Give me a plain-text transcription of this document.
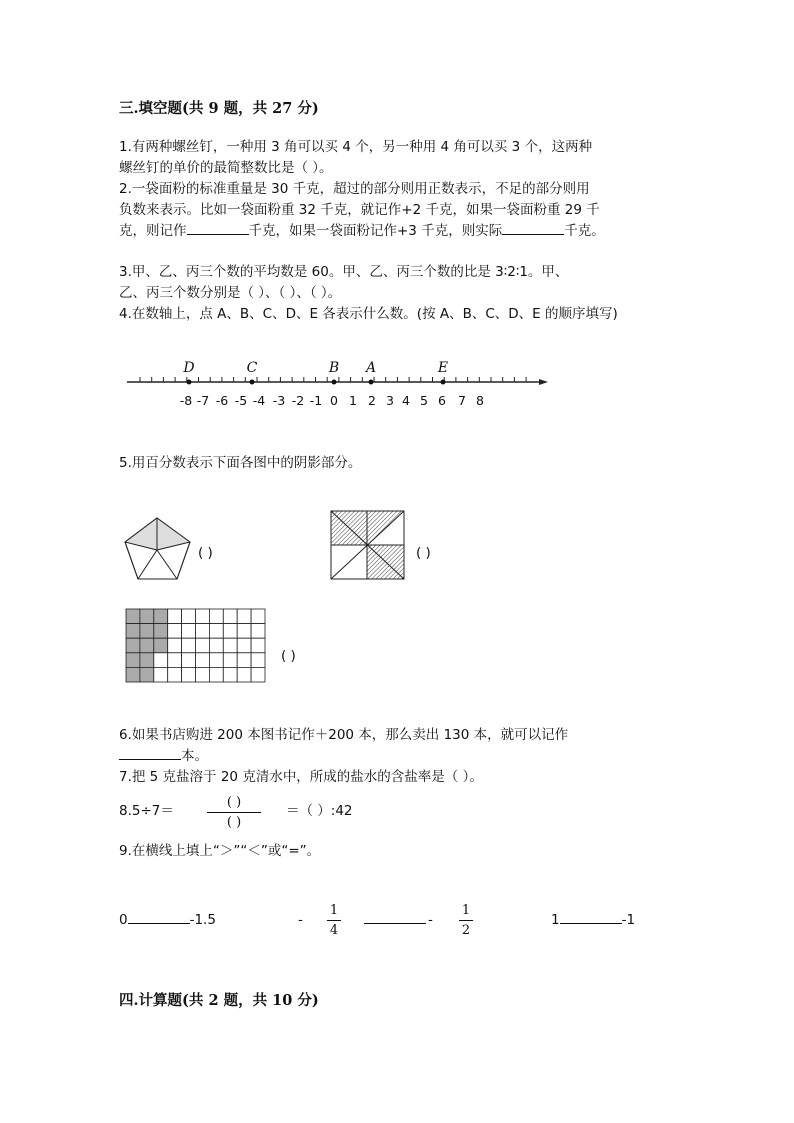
三.填空题(共 9 题，共 27 分)
1.有两种螺丝钉，一种用 3 角可以买 4 个，另一种用 4 角可以买 3 个，这两种
螺丝钉的单价的最简整数比是（ ）。
2.一袋面粉的标准重量是 30 千克，超过的部分则用正数表示，不足的部分则用
负数来表示。比如一袋面粉重 32 千克，就记作+2 千克，如果一袋面粉重 29 千
克，则记作	千克，如果一袋面粉记作+3 千克，则实际	千克。
3.甲、乙、丙三个数的平均数是 60。甲、乙、丙三个数的比是 3∶2∶1。甲、
乙、丙三个数分别是（ ）、（ ）、（ ）。
4.在数轴上，点 A、B、C、D、E 各表示什么数。(按 A、B、C、D、E 的顺序填写)
-8 -7 -6 -5 -4 -3 -2 -1 0 1 2 3 4 5 6 7 8
D	C	B A	E
5.用百分数表示下面各图中的阴影部分。
( )	( )
( )
6.如果书店购进 200 本图书记作＋200 本，那么卖出 130 本，就可以记作
本。
7.把 5 克盐溶于 20 克清水中，所成的盐水的含盐率是（ ）。
8.5÷7＝
( )
( )
＝（ ）:42
9.在横线上填上“＞”“＜”或“=”。
0	-1.5	-
1
4
-
1
2
1	-1
四.计算题(共 2 题，共 10 分)
